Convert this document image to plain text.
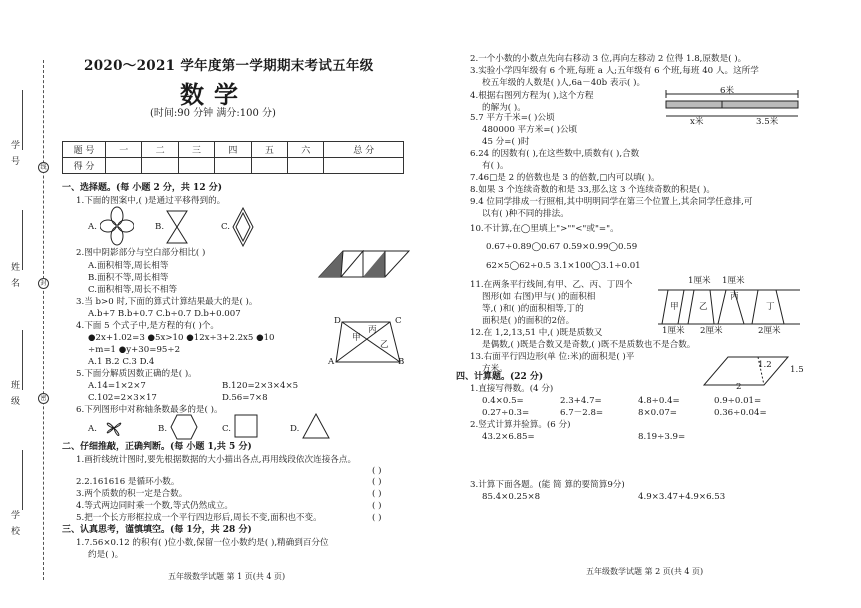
学 号
姓 名
班 级
学 校
线
封
密
2020～2021 学年度第一学期期末考试五年级
数学
(时间:90 分钟 满分:100 分)
题 号	一	二	三	四	五	六	总 分
得 分							
一、选择题。(每 小题 2 分，共 12 分)
1.下面的图案中,( )是通过平移得到的。
A.	B.	C.
2.图中阴影部分与空白部分相比( )
A.面积相等,周长相等
B.面积不等,周长相等
C.面积相等,周长不相等
3.当 b>0 时,下面的算式计算结果最大的是( )。
A.b+7 B.b+0.7 C.b÷0.7 D.b+0.007
4.下面 5 个式子中,是方程的有( )个。
●2x+1.02=3 ●5x>10 ●12x÷3+2.2x5 ●10
÷m=1 ●y+30=95÷2
A.1 B.2 C.3 D.4
D	C
A	B
甲
乙
丙
5.下面分解质因数正确的是( )。
A.14=1×2×7	B.120=2×3×4×5
C.102=2×3×17	D.56=7×8
6.下列图形中对称轴条数最多的是( )。
A.	B.	C.	D.
二、仔细推敲，正确判断。(每 小题 1,共 5 分)
1.画折线统计图时,要先根据数据的大小描出各点,再用线段依次连接各点。
( )
2.2.161616 是循环小数。	( )
3.两个质数的积一定是合数。	( )
4.等式两边同时乘一个数,等式仍然成立。	( )
5.把一个长方形框拉成一个平行四边形后,周长不变,面积也不变。	( )
三、认真思考，谨慎填空。(每 1分，共 28 分)
1.7.56×0.12 的积有( )位小数,保留一位小数约是( ),精确到百分位
约是( )。
五年级数学试题 第 1 页(共 4 页)
2.一个小数的小数点先向右移动 3 位,再向左移动 2 位得 1.8,原数是( )。
3.实验小学四年级有 6 个班,每班 a 人;五年级有 6 个班,每班 40 人。这所学
校五年级的人数是( )人,6a－40b 表示( )。
4.根据右图列方程为( ),这个方程
的解为( )。
6米
x米	3.5米
5.7 平方千米=( )公顷
480000 平方米=( )公顷
45 分=( )时
6.24 的因数有( ),在这些数中,质数有( ),合数
有( )。
7.46□是 2 的倍数也是 3 的倍数,□内可以填( )。
8.如果 3 个连续奇数的和是 33,那么这 3 个连续奇数的积是( )。
9.4 位同学排成一行照相,其中明明同学在第三个位置上,其余同学任意排,可
以有( )种不同的排法。
10.不计算,在◯里填上">""<"或"="。
0.67÷0.89◯0.67 0.59×0.99◯0.59
62×5◯62÷0.5 3.1×100◯3.1÷0.01
11.在两条平行线间,有甲、乙、丙、丁四个
图形(如 右图)甲与( )的面积相
等,( )和( )的面积相等,丁的
面积是( )的面积的2倍。
1厘米 1厘米
甲 乙
丙
丁
1厘米 2厘米	2厘米
12.在 1,2,13,51 中,( )既是质数又
是偶数,( )既是合数又是奇数,( )既不是质数也不是合数。
13.右面平行四边形(单 位:米)的面积是( )平
方米。	1.5
1.2
2
四、计算题。(22 分)
1.直接写得数。(4 分)
0.4×0.5=	2.3+4.7=	4.8÷0.4=	0.9÷0.01=
0.27÷0.3=	6.7－2.8=	8×0.07=	0.36÷0.04=
2.竖式计算并验算。(6 分)
43.2×6.85=	8.19÷3.9=
3.计算下面各题。(能 简 算的要简算9分)
85.4×0.25×8	4.9×3.47+4.9×6.53
五年级数学试题 第 2 页(共 4 页)
